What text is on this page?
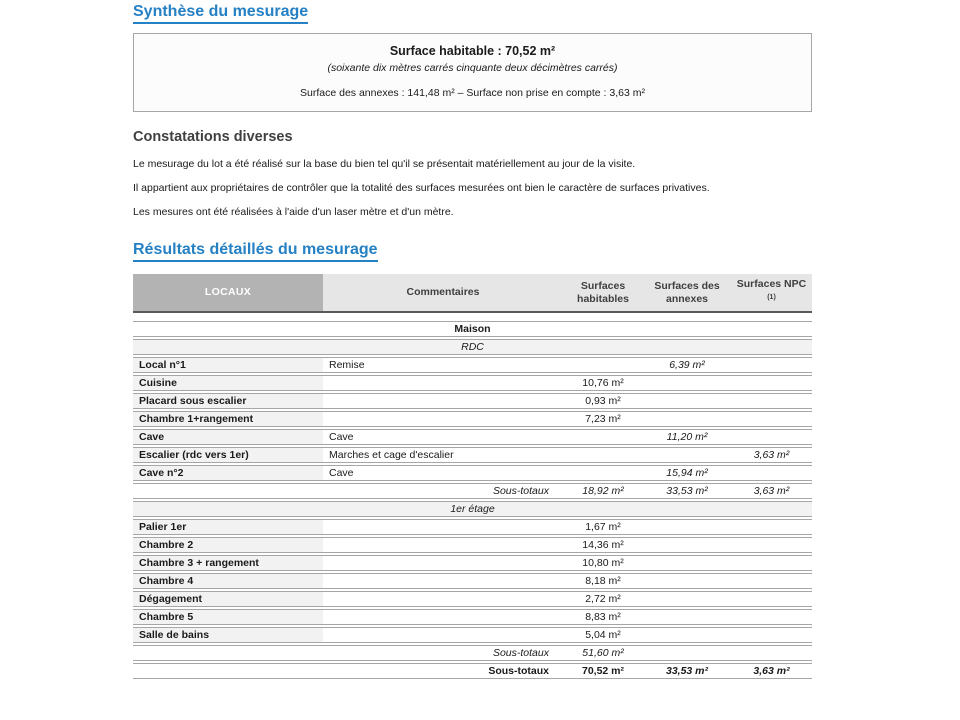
Synthèse du mesurage
Surface habitable : 70,52 m²
(soixante dix mètres carrés cinquante deux décimètres carrés)
Surface des annexes : 141,48 m² – Surface non prise en compte : 3,63 m²
Constatations diverses

Le mesurage du lot a été réalisé sur la base du bien tel qu'il se présentait matériellement au jour de la visite.

Il appartient aux propriétaires de contrôler que la totalité des surfaces mesurées ont bien le caractère de surfaces privatives.

Les mesures ont été réalisées à l'aide d'un laser mètre et d'un mètre.

Résultats détaillés du mesurage
LOCAUX	Commentaires	Surfaces habitables	Surfaces des annexes	Surfaces NPC $^{(1)}$

Maison				
RDC				
Local n°1	Remise		6,39 m²	
Cuisine		10,76 m²		
Placard sous escalier		0,93 m²		
Chambre 1+rangement		7,23 m²		
Cave	Cave		11,20 m²	
Escalier (rdc vers 1er)	Marches et cage d'escalier			3,63 m²
Cave n°2	Cave		15,94 m²	
	Sous-totaux	18,92 m²	33,53 m²	3,63 m²
1er étage				
Palier 1er		1,67 m²		
Chambre 2		14,36 m²		
Chambre 3 + rangement		10,80 m²		
Chambre 4		8,18 m²		
Dégagement		2,72 m²		
Chambre 5		8,83 m²		
Salle de bains		5,04 m²		
	Sous-totaux	51,60 m²		
	Sous-totaux	70,52 m²	33,53 m²	3,63 m²
